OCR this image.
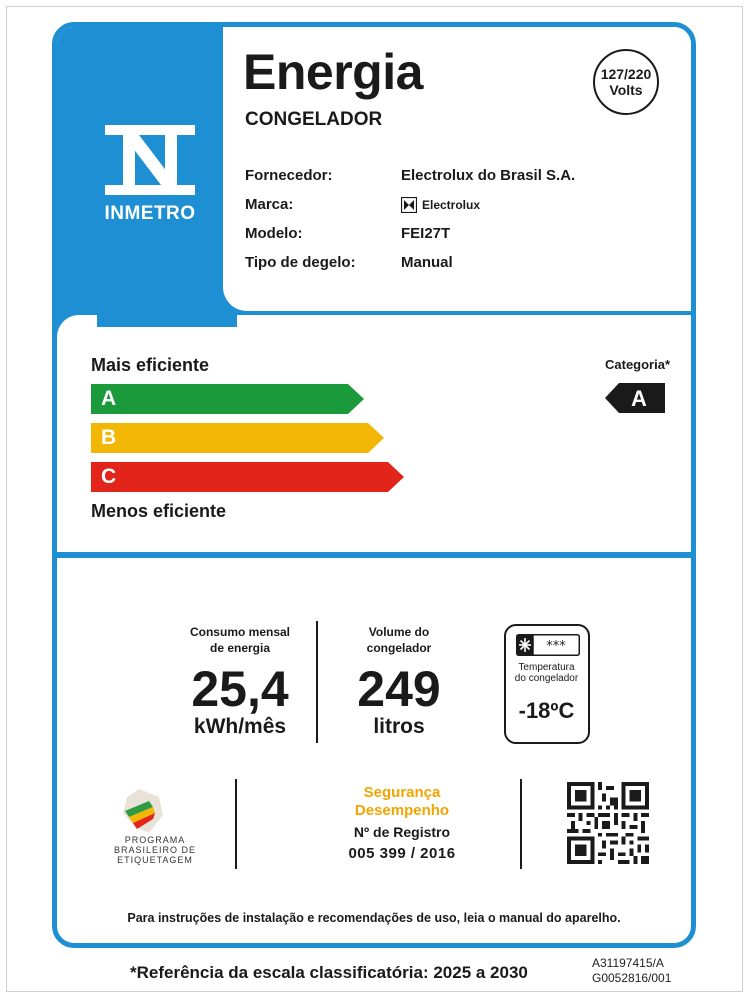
INMETRO
Energia
CONGELADOR
127/220
Volts
Fornecedor:	Electrolux do Brasil S.A.
Marca:	Electrolux
Modelo:	FEI27T
Tipo de degelo:	Manual
Mais eficiente
A
B
C
Menos eficiente
Categoria*
A
Consumo mensal
de energia
25,4
kWh/mês
Volume do
congelador
249
litros
***
Temperatura
do congelador
-18ºC
PROGRAMA
BRASILEIRO DE
ETIQUETAGEM
Segurança
Desempenho
Nº de Registro
005 399 / 2016
Para instruções de instalação e recomendações de uso, leia o manual do aparelho.
*Referência da escala classificatória: 2025 a 2030	A31197415/A
G0052816/001
